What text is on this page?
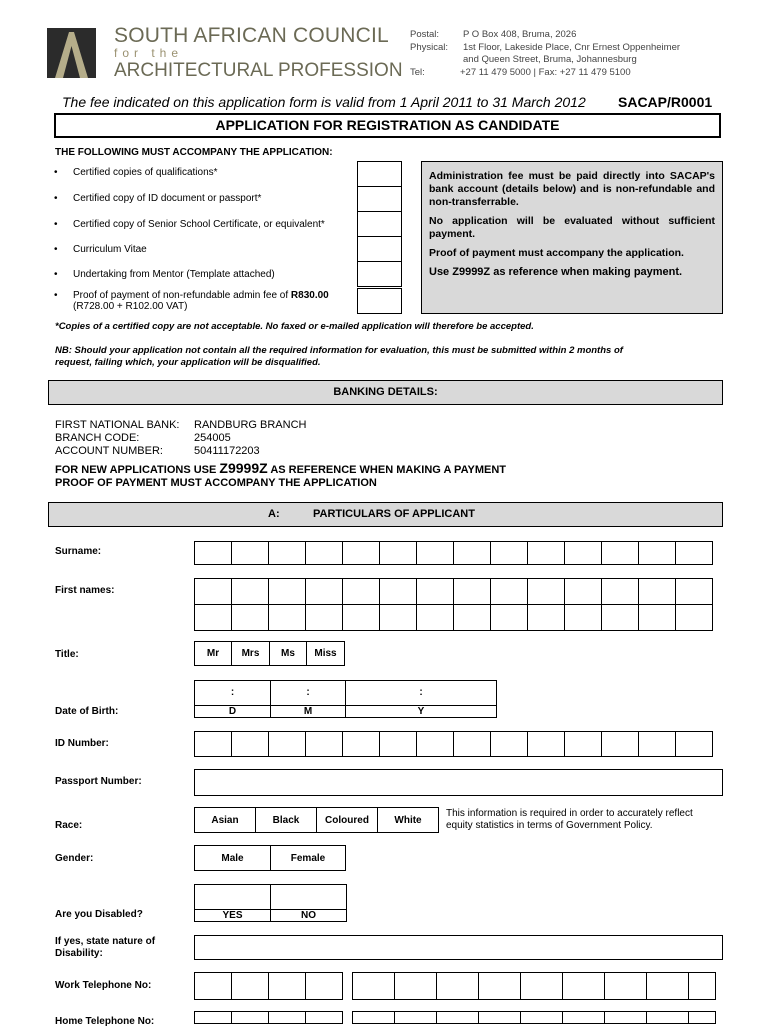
SOUTH AFRICAN COUNCIL
for the
ARCHITECTURAL PROFESSION
Postal:	P O Box 408, Bruma, 2026
Physical: 1st Floor, Lakeside Place, Cnr Ernest Oppenheimer
and Queen Street, Bruma, Johannesburg
Tel:	+27 11 479 5000 | Fax: +27 11 479 5100
The fee indicated on this application form is valid from 1 April 2011 to 31 March 2012 SACAP/R0001
APPLICATION FOR REGISTRATION AS CANDIDATE
THE FOLLOWING MUST ACCOMPANY THE APPLICATION:
• Certified copies of qualifications*
• Certified copy of ID document or passport*
• Certified copy of Senior School Certificate, or equivalent*
• Curriculum Vitae
• Undertaking from Mentor (Template attached)
• Proof of payment of non-refundable admin fee of R830.00
(R728.00 + R102.00 VAT)

Administration fee must be paid directly into SACAP's bank account (details below) and is non-refundable and non-transferrable.

No application will be evaluated without sufficient payment.

Proof of payment must accompany the application.

Use Z9999Z as reference when making payment.

*Copies of a certified copy are not acceptable. No faxed or e-mailed application will therefore be accepted.
NB: Should your application not contain all the required information for evaluation, this must be submitted within 2 months of
request, failing which, your application will be disqualified.
BANKING DETAILS:
FIRST NATIONAL BANK: RANDBURG BRANCH
BRANCH CODE:	254005
ACCOUNT NUMBER:	50411172203
FOR NEW APPLICATIONS USE Z9999Z AS REFERENCE WHEN MAKING A PAYMENT
PROOF OF PAYMENT MUST ACCOMPANY THE APPLICATION
A:	PARTICULARS OF APPLICANT
Surname:
First names:
Title:	Mr	Mrs	Ms	Miss
Date of Birth:
:	:	:
D	M	Y
ID Number:
Passport Number:
Race:	Asian	Black	Coloured	White
This information is required in order to accurately reflect
equity statistics in terms of Government Policy.
Gender:	Male	Female
Are you Disabled?	YES	NO
If yes, state nature of
Disability:
Work Telephone No:
Home Telephone No:
